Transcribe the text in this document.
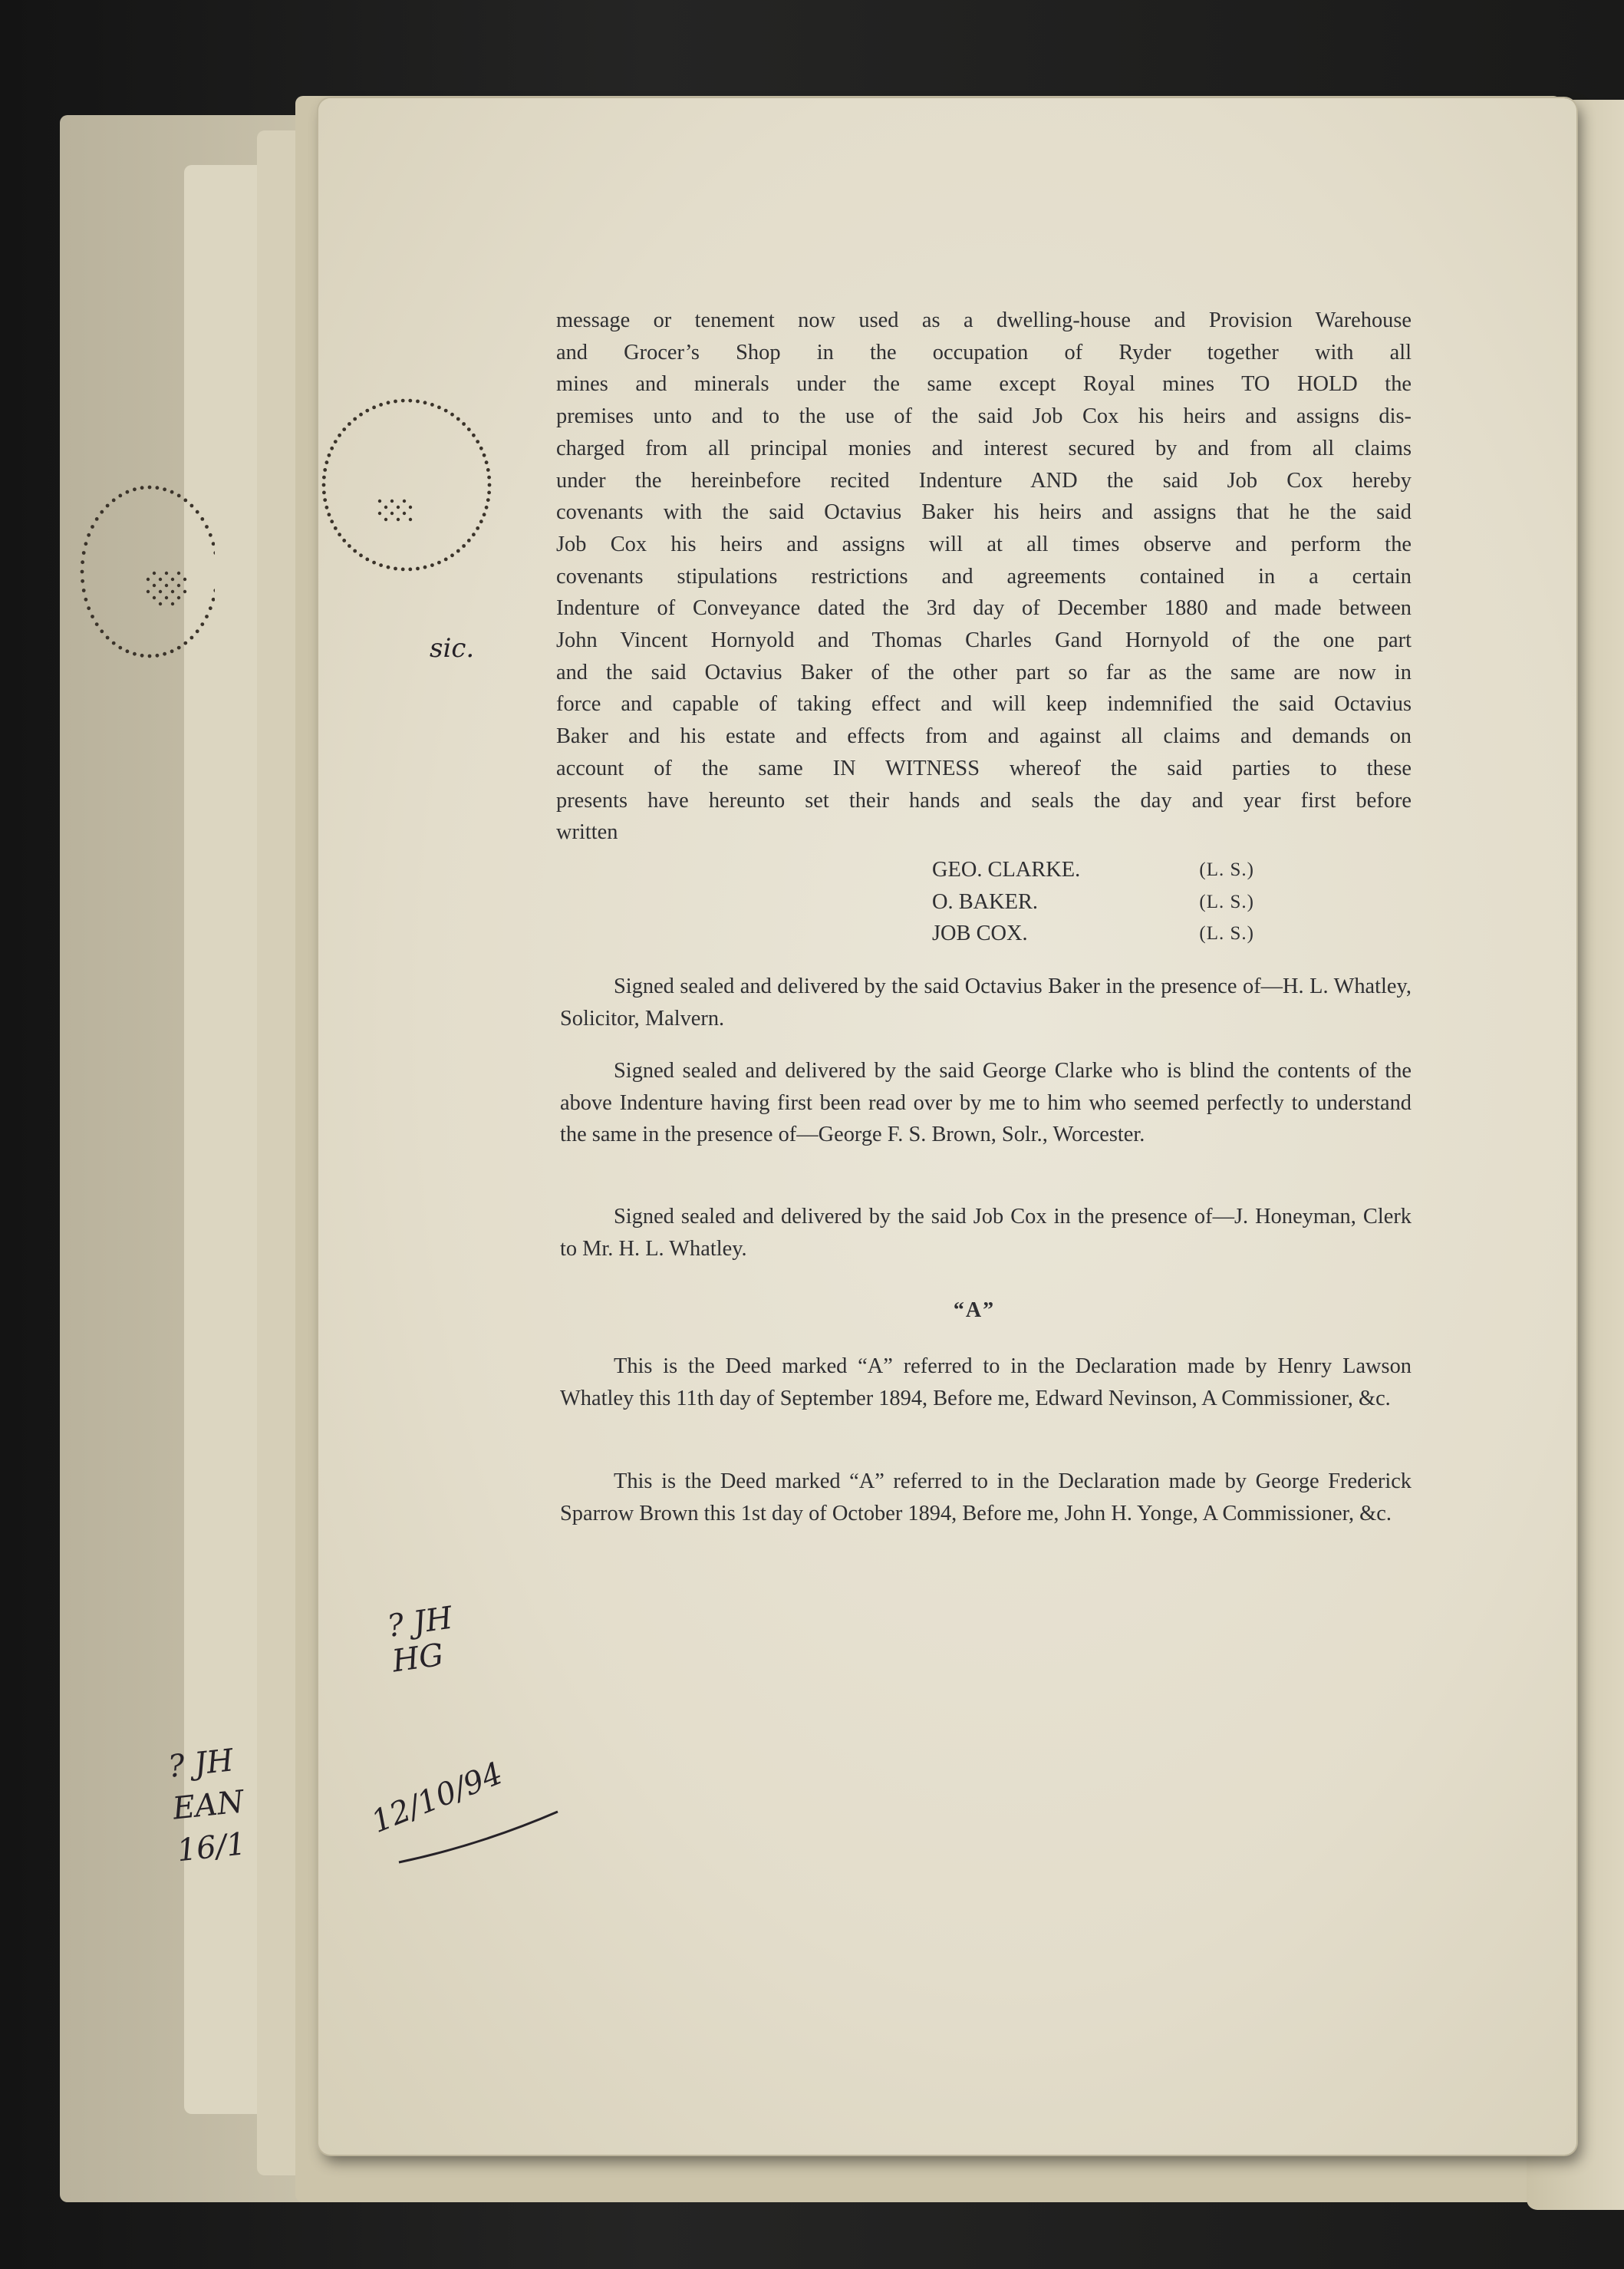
message or tenement now used as a dwelling-house and Provision Warehouse

and Grocer’s Shop in the occupation of Ryder together with all

mines and minerals under the same except Royal mines TO HOLD the

premises unto and to the use of the said Job Cox his heirs and assigns dis-

charged from all principal monies and interest secured by and from all claims

under the hereinbefore recited Indenture AND the said Job Cox hereby

covenants with the said Octavius Baker his heirs and assigns that he the said

Job Cox his heirs and assigns will at all times observe and perform the

covenants stipulations restrictions and agreements contained in a certain

Indenture of Conveyance dated the 3rd day of December 1880 and made between

John Vincent Hornyold and Thomas Charles Gand Hornyold of the one part

and the said Octavius Baker of the other part so far as the same are now in

force and capable of taking effect and will keep indemnified the said Octavius

Baker and his estate and effects from and against all claims and demands on

account of the same IN WITNESS whereof the said parties to these

presents have hereunto set their hands and seals the day and year first before

written

GEO. CLARKE.	(L. S.)
O. BAKER.	(L. S.)
JOB COX.	(L. S.)
Signed sealed and delivered by the said Octavius Baker in the presence of—H. L. Whatley, Solicitor, Malvern.
Signed sealed and delivered by the said George Clarke who is blind the contents of the above Indenture having first been read over by me to him who seemed perfectly to understand the same in the presence of—George F. S. Brown, Solr., Worcester.
Signed sealed and delivered by the said Job Cox in the presence of—J. Honeyman, Clerk to Mr. H. L. Whatley.
“A”
This is the Deed marked “A” referred to in the Declaration made by Henry Lawson Whatley this 11th day of September 1894, Before me, Edward Nevinson, A Commissioner, &c.
This is the Deed marked “A” referred to in the Declaration made by George Frederick Sparrow Brown this 1st day of October 1894, Before me, John H. Yonge, A Commissioner, &c.
sic.
? JH HG
12/10/94
? JH EAN 16/1
